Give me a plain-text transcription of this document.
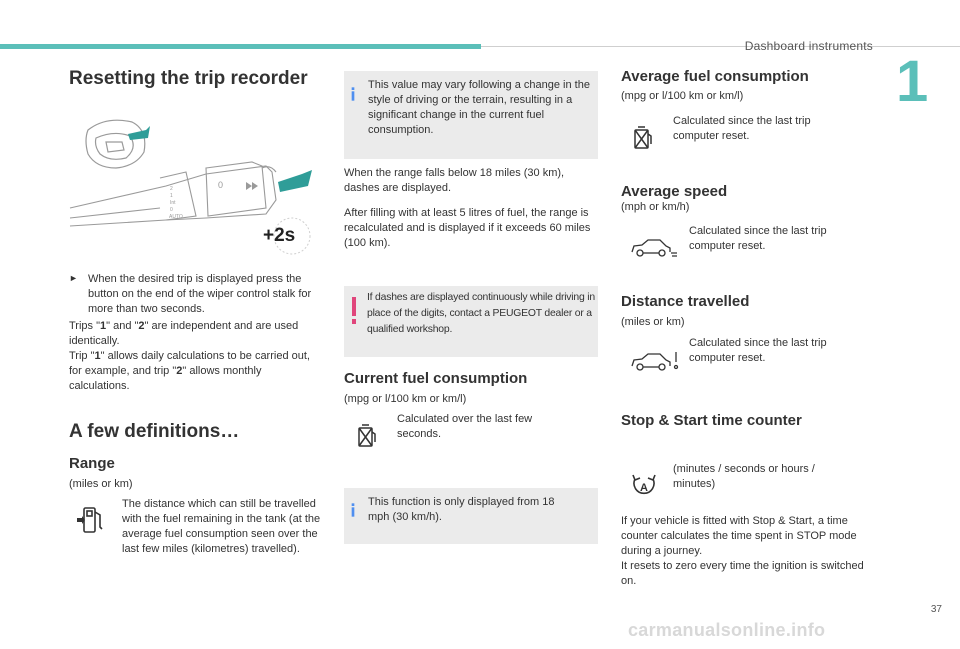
Dashboard instruments
1
Resetting the trip recorder
2
1
Int
0
AUTO
0
+2s
► When the desired trip is displayed press the button on the end of the wiper control stalk for more than two seconds.

Trips "1" and "2" are independent and are used identically.

Trip "1" allows daily calculations to be carried out, for example, and trip "2" allows monthly calculations.

A few definitions…
Range

(miles or km)

The distance which can still be travelled with the fuel remaining in the tank (at the average fuel consumption seen over the last few miles (kilometres) travelled).

This value may vary following a change in the style of driving or the terrain, resulting in a significant change in the current fuel consumption.

When the range falls below 18 miles (30 km), dashes are displayed.

After filling with at least 5 litres of fuel, the range is recalculated and is displayed if it exceeds 60 miles (100 km).

If dashes are displayed continuously while driving in place of the digits, contact a PEUGEOT dealer or a qualified workshop.
Current fuel consumption

(mpg or l/100 km or km/l)

Calculated over the last few seconds.

This function is only displayed from 18 mph (30 km/h).
Average fuel consumption

(mpg or l/100 km or km/l)

Calculated since the last trip computer reset.

Average speed

(mph or km/h)

Calculated since the last trip computer reset.

Distance travelled

(miles or km)

Calculated since the last trip computer reset.

Stop & Start time counter
A

(minutes / seconds or hours / minutes)

If your vehicle is fitted with Stop & Start, a time counter calculates the time spent in STOP mode during a journey.
It resets to zero every time the ignition is switched on.

37
carmanualsonline.info
